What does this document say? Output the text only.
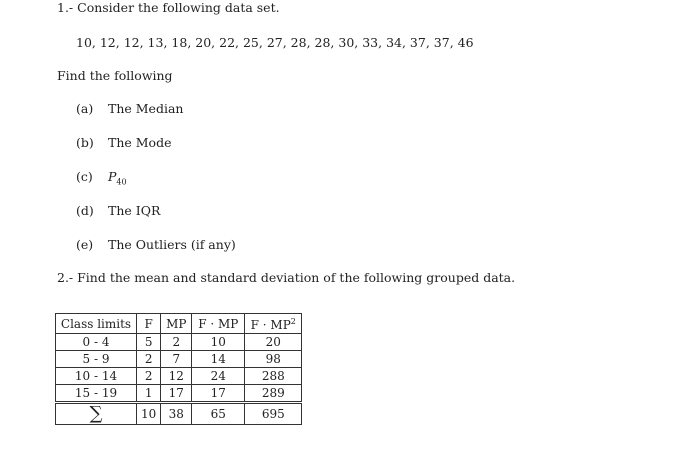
1.- Consider the following data set.
10, 12, 12, 13, 18, 20, 22, 25, 27, 28, 28, 30, 33, 34, 37, 37, 46
Find the following
(a) The Median
(b) The Mode
(c) $P_{40}$
(d) The IQR
(e) The Outliers (if any)
2.- Find the mean and standard deviation of the following grouped data.
Class limits	F	MP	F · MP	$F \cdot MP^2$
0 - 4	5	2	10	20
5 - 9	2	7	14	98
10 - 14	2	12	24	288
15 - 19	1	17	17	289
∑	10	38	65	695
